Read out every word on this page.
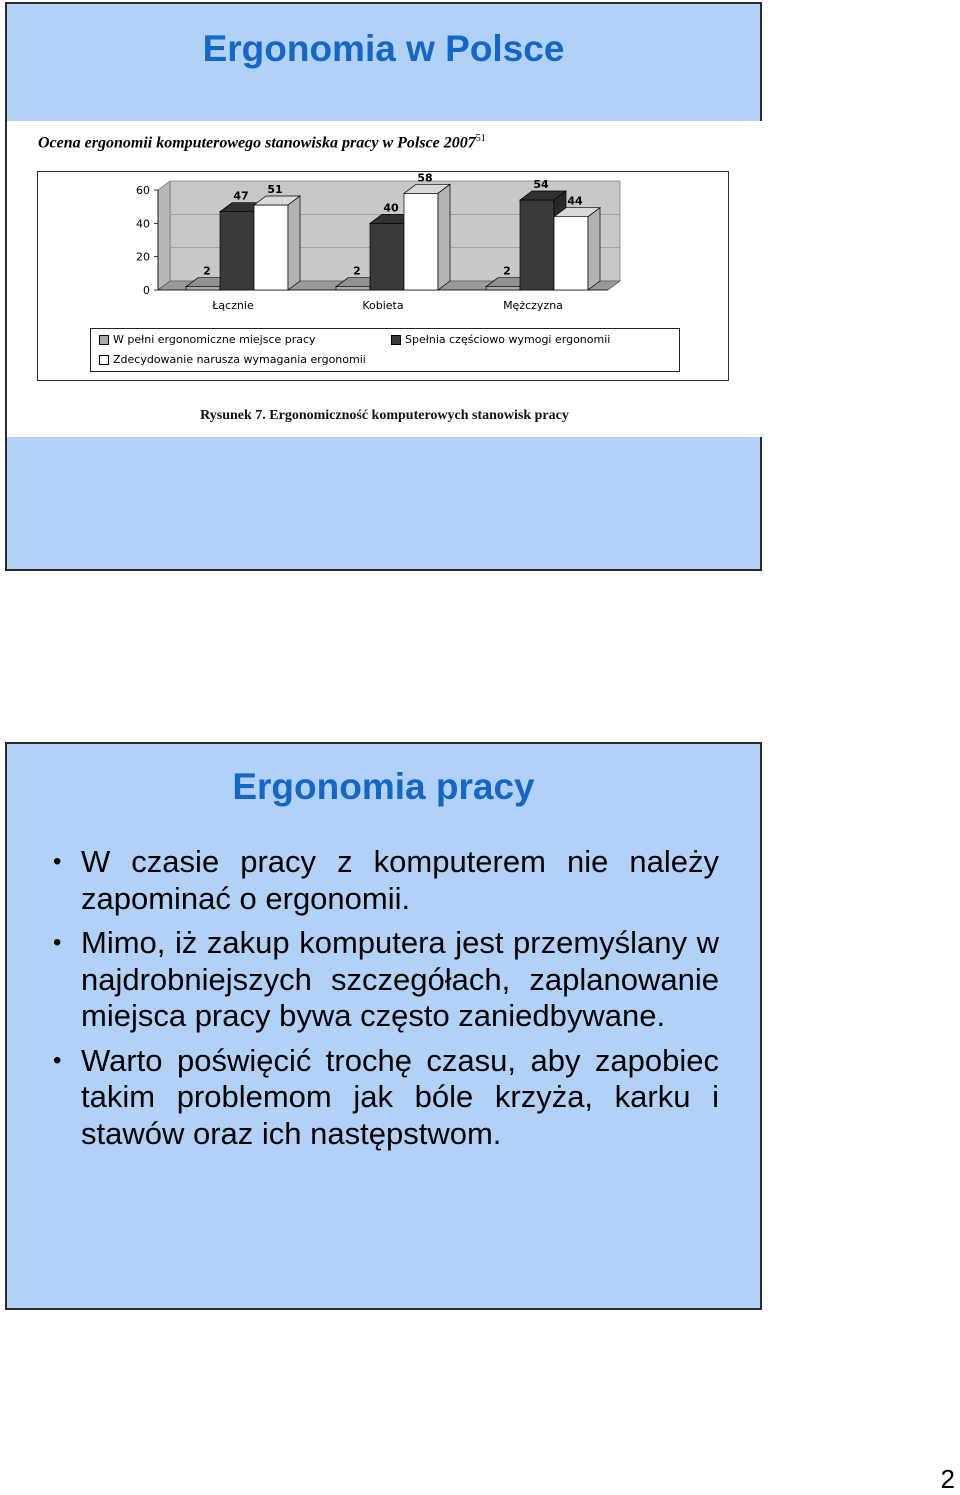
Ergonomia w Polsce
Ocena ergonomii komputerowego stanowiska pracy w Polsce 2007$^{51}$
60
40
20
0
2
47
51
Łącznie
2
40
58
Kobieta
2
54
44
Mężczyzna
W pełni ergonomiczne miejsce pracy	Spełnia częściowo wymogi ergonomii
Zdecydowanie narusza wymagania ergonomii
Rysunek 7. Ergonomiczność komputerowych stanowisk pracy
Ergonomia pracy
• W czasie pracy z komputerem nie należy zapominać o ergonomii.
• Mimo, iż zakup komputera jest przemyślany w najdrobniejszych szczegółach, zaplanowanie miejsca pracy bywa często zaniedbywane.
• Warto poświęcić trochę czasu, aby zapobiec takim problemom jak bóle krzyża, karku i stawów oraz ich następstwom.
2
